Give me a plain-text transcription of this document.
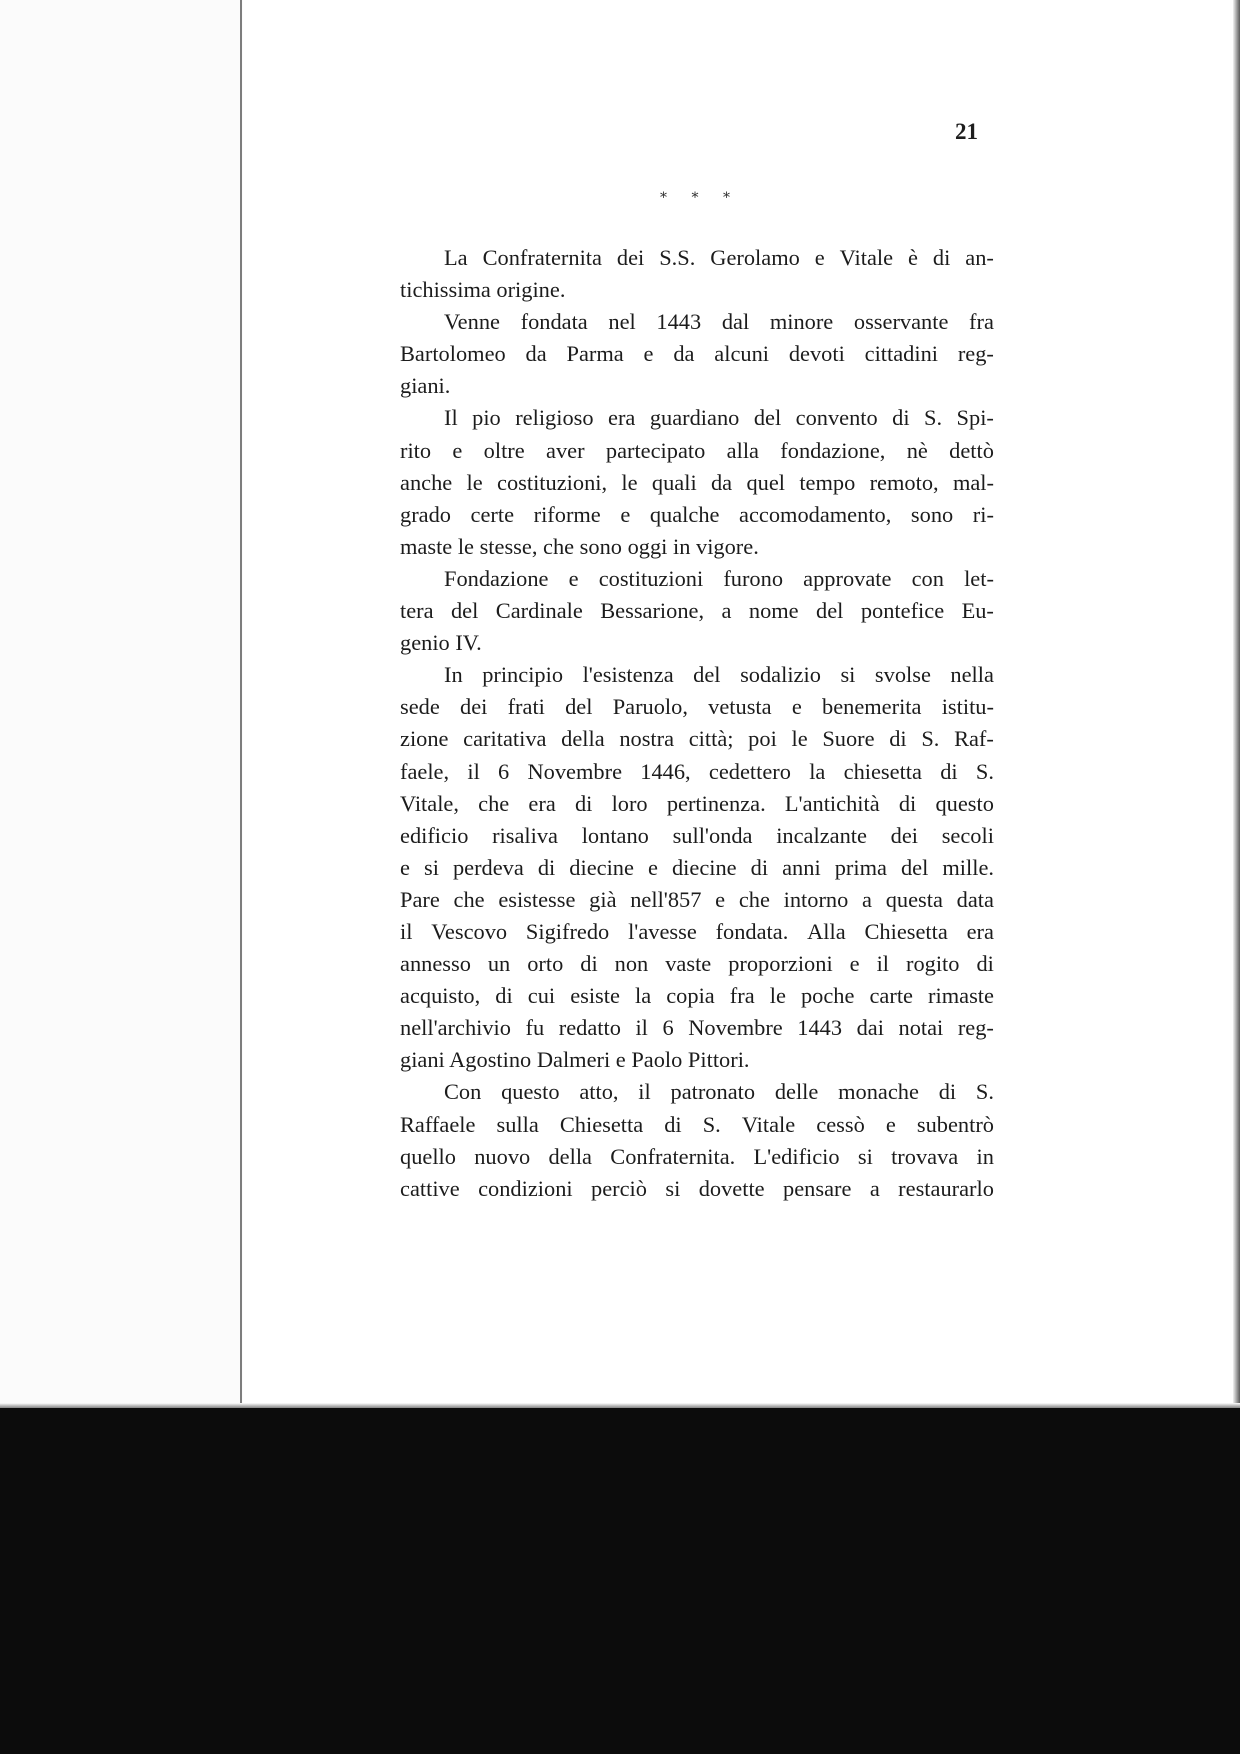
21
* * *
La Confraternita dei S.S. Gerolamo e Vitale è di an-
tichissima origine.
Venne fondata nel 1443 dal minore osservante fra
Bartolomeo da Parma e da alcuni devoti cittadini reg-
giani.
Il pio religioso era guardiano del convento di S. Spi-
rito e oltre aver partecipato alla fondazione, nè dettò
anche le costituzioni, le quali da quel tempo remoto, mal-
grado certe riforme e qualche accomodamento, sono ri-
maste le stesse, che sono oggi in vigore.
Fondazione e costituzioni furono approvate con let-
tera del Cardinale Bessarione, a nome del pontefice Eu-
genio IV.
In principio l'esistenza del sodalizio si svolse nella
sede dei frati del Paruolo, vetusta e benemerita istitu-
zione caritativa della nostra città; poi le Suore di S. Raf-
faele, il 6 Novembre 1446, cedettero la chiesetta di S.
Vitale, che era di loro pertinenza. L'antichità di questo
edificio risaliva lontano sull'onda incalzante dei secoli
e si perdeva di diecine e diecine di anni prima del mille.
Pare che esistesse già nell'857 e che intorno a questa data
il Vescovo Sigifredo l'avesse fondata. Alla Chiesetta era
annesso un orto di non vaste proporzioni e il rogito di
acquisto, di cui esiste la copia fra le poche carte rimaste
nell'archivio fu redatto il 6 Novembre 1443 dai notai reg-
giani Agostino Dalmeri e Paolo Pittori.
Con questo atto, il patronato delle monache di S.
Raffaele sulla Chiesetta di S. Vitale cessò e subentrò
quello nuovo della Confraternita. L'edificio si trovava in
cattive condizioni perciò si dovette pensare a restaurarlo
